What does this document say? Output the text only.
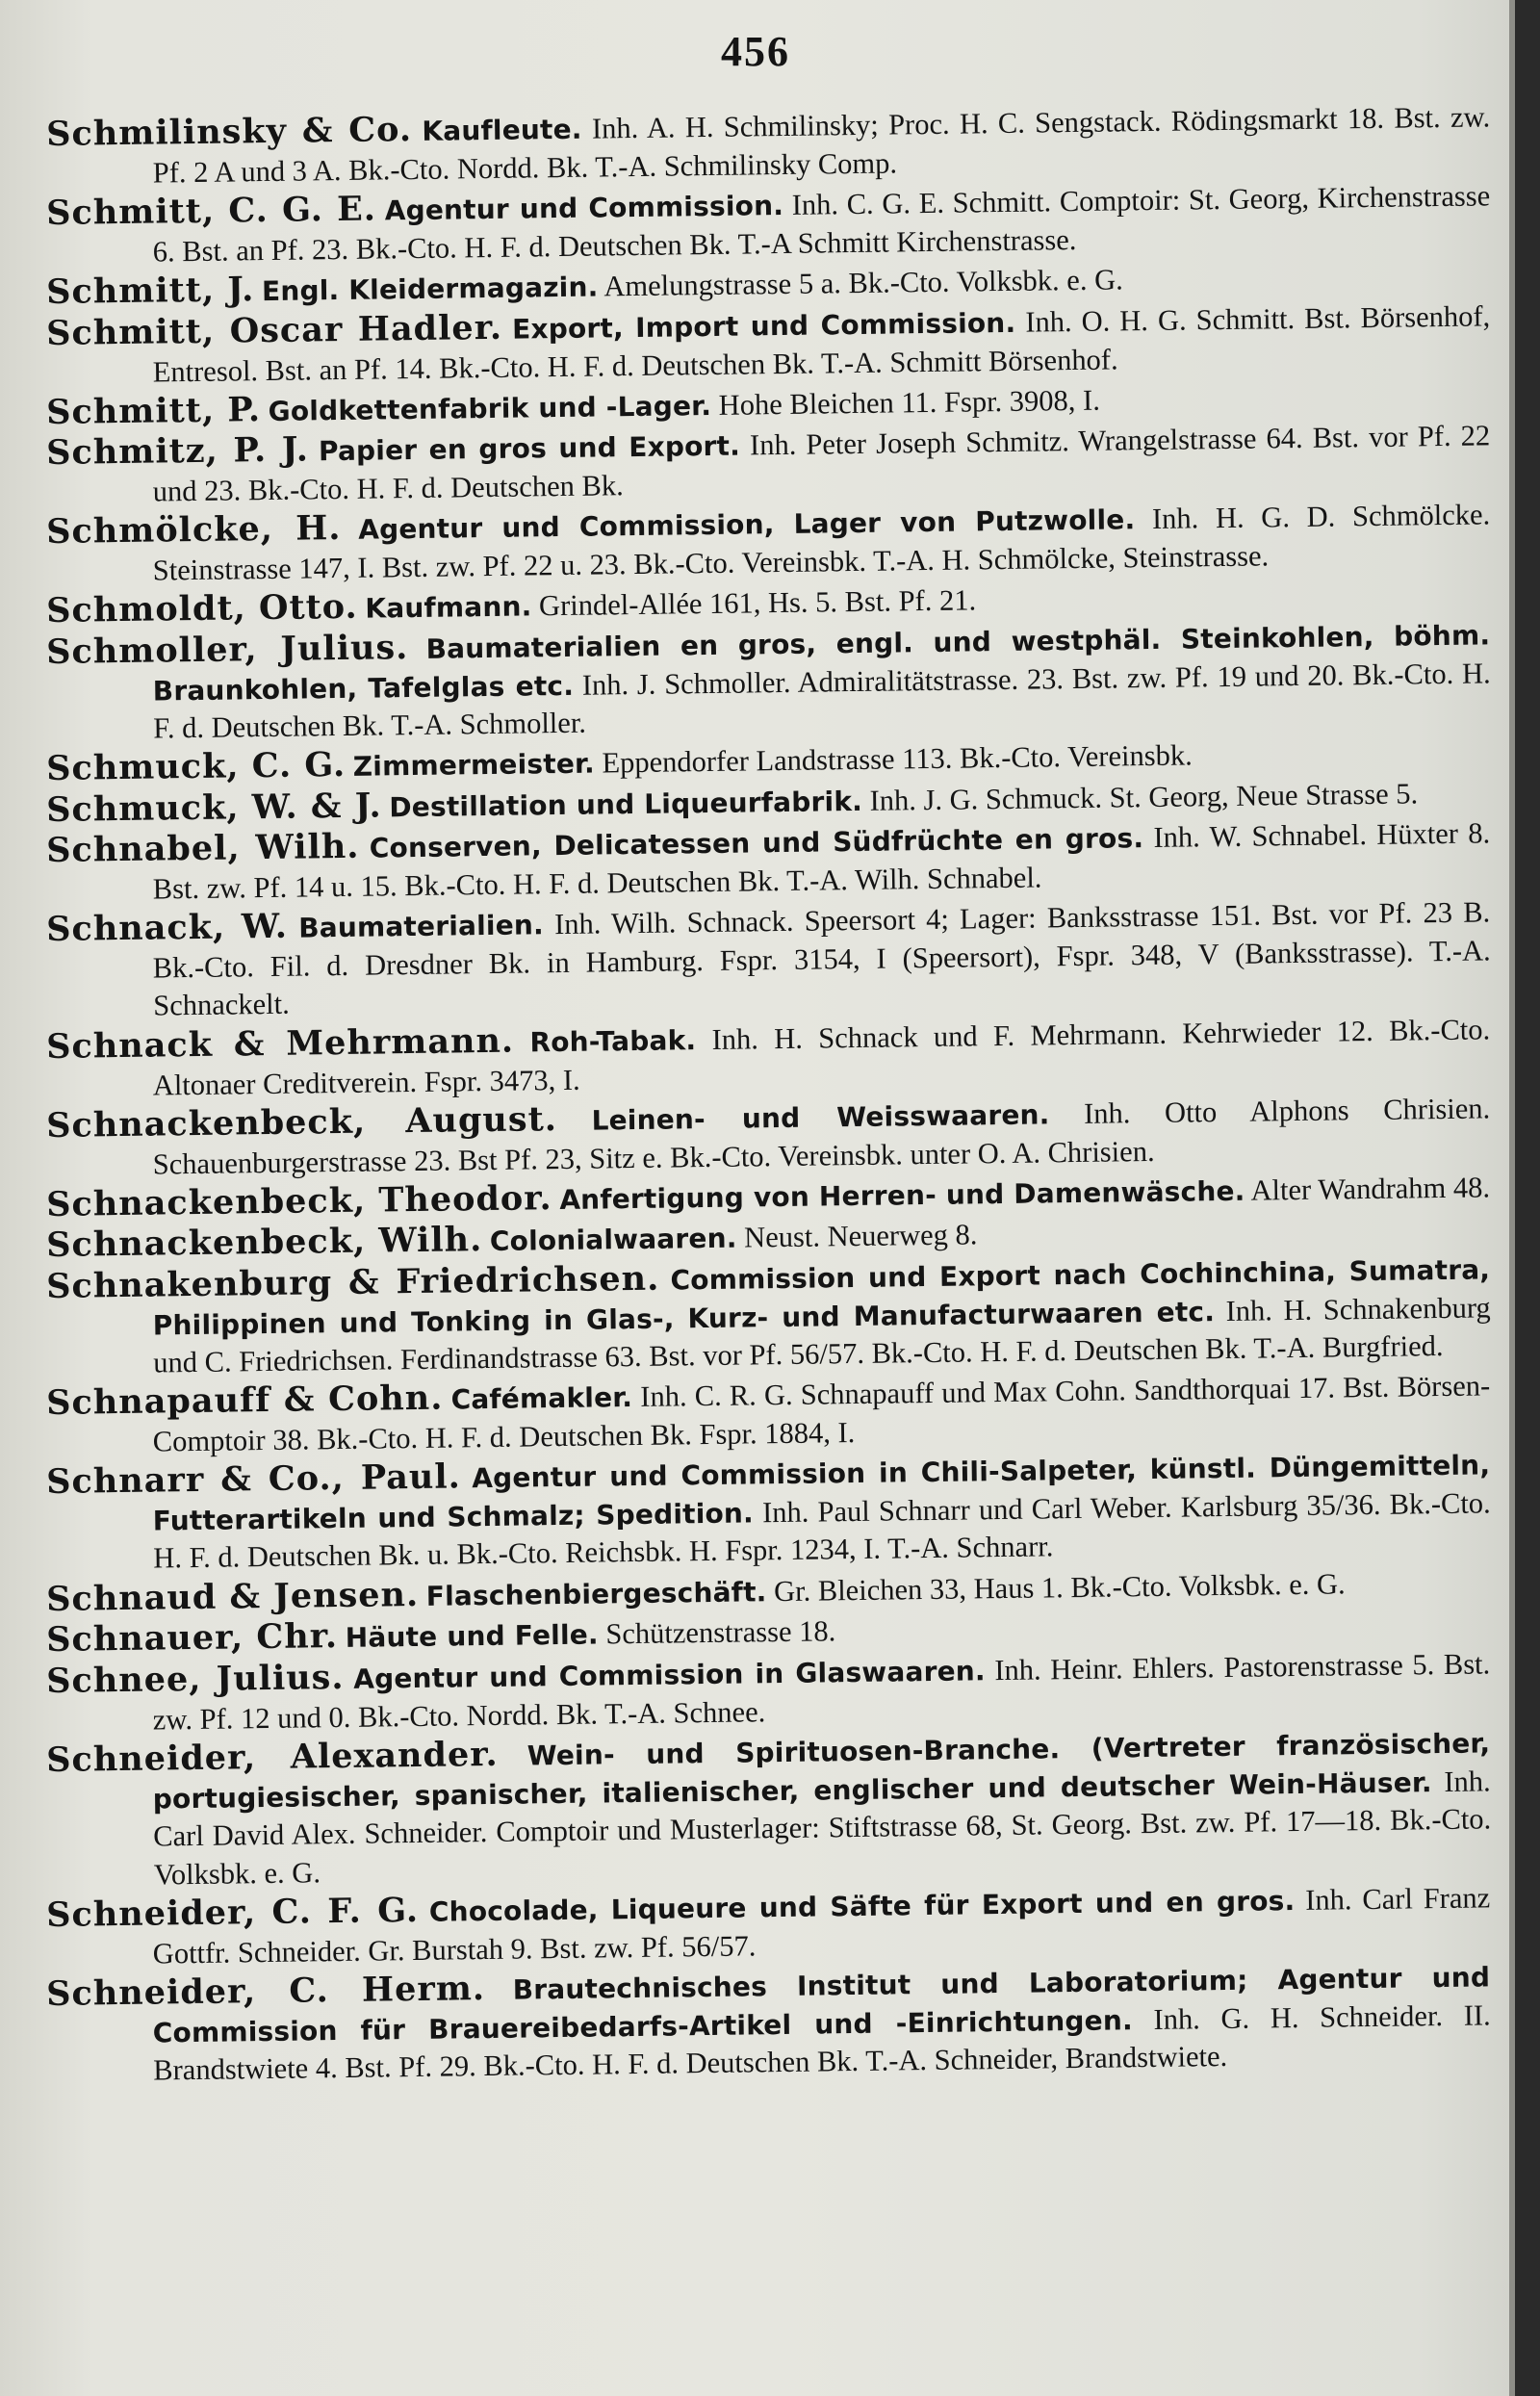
456

Schmilinsky & Co. Kaufleute. Inh. A. H. Schmilinsky; Proc. H. C. Sengstack. Rödingsmarkt 18. Bst. zw. Pf. 2 A und 3 A. Bk.-Cto. Nordd. Bk. T.-A. Schmilinsky Comp.

Schmitt, C. G. E. Agentur und Commission. Inh. C. G. E. Schmitt. Comptoir: St. Georg, Kirchenstrasse 6. Bst. an Pf. 23. Bk.-Cto. H. F. d. Deutschen Bk. T.-A Schmitt Kirchenstrasse.

Schmitt, J. Engl. Kleidermagazin. Amelungstrasse 5 a. Bk.-Cto. Volksbk. e. G.

Schmitt, Oscar Hadler. Export, Import und Commission. Inh. O. H. G. Schmitt. Bst. Börsenhof, Entresol. Bst. an Pf. 14. Bk.-Cto. H. F. d. Deutschen Bk. T.-A. Schmitt Börsenhof.

Schmitt, P. Goldkettenfabrik und -Lager. Hohe Bleichen 11. Fspr. 3908, I.

Schmitz, P. J. Papier en gros und Export. Inh. Peter Joseph Schmitz. Wrangelstrasse 64. Bst. vor Pf. 22 und 23. Bk.-Cto. H. F. d. Deutschen Bk.

Schmölcke, H. Agentur und Commission, Lager von Putzwolle. Inh. H. G. D. Schmölcke. Steinstrasse 147, I. Bst. zw. Pf. 22 u. 23. Bk.-Cto. Vereinsbk. T.-A. H. Schmölcke, Steinstrasse.

Schmoldt, Otto. Kaufmann. Grindel-Allée 161, Hs. 5. Bst. Pf. 21.

Schmoller, Julius. Baumaterialien en gros, engl. und westphäl. Steinkohlen, böhm. Braunkohlen, Tafelglas etc. Inh. J. Schmoller. Admiralitätstrasse. 23. Bst. zw. Pf. 19 und 20. Bk.-Cto. H. F. d. Deutschen Bk. T.-A. Schmoller.

Schmuck, C. G. Zimmermeister. Eppendorfer Landstrasse 113. Bk.-Cto. Vereinsbk.

Schmuck, W. & J. Destillation und Liqueurfabrik. Inh. J. G. Schmuck. St. Georg, Neue Strasse 5.

Schnabel, Wilh. Conserven, Delicatessen und Südfrüchte en gros. Inh. W. Schnabel. Hüxter 8. Bst. zw. Pf. 14 u. 15. Bk.-Cto. H. F. d. Deutschen Bk. T.-A. Wilh. Schnabel.

Schnack, W. Baumaterialien. Inh. Wilh. Schnack. Speersort 4; Lager: Banksstrasse 151. Bst. vor Pf. 23 B. Bk.-Cto. Fil. d. Dresdner Bk. in Hamburg. Fspr. 3154, I (Speersort), Fspr. 348, V (Banksstrasse). T.-A. Schnackelt.

Schnack & Mehrmann. Roh-Tabak. Inh. H. Schnack und F. Mehrmann. Kehrwieder 12. Bk.-Cto. Altonaer Creditverein. Fspr. 3473, I.

Schnackenbeck, August. Leinen- und Weisswaaren. Inh. Otto Alphons Chrisien. Schauenburgerstrasse 23. Bst Pf. 23, Sitz e. Bk.-Cto. Vereinsbk. unter O. A. Chrisien.

Schnackenbeck, Theodor. Anfertigung von Herren- und Damenwäsche. Alter Wandrahm 48.

Schnackenbeck, Wilh. Colonialwaaren. Neust. Neuerweg 8.

Schnakenburg & Friedrichsen. Commission und Export nach Cochinchina, Sumatra, Philippinen und Tonking in Glas-, Kurz- und Manufacturwaaren etc. Inh. H. Schnakenburg und C. Friedrichsen. Ferdinandstrasse 63. Bst. vor Pf. 56/57. Bk.-Cto. H. F. d. Deutschen Bk. T.-A. Burgfried.

Schnapauff & Cohn. Cafémakler. Inh. C. R. G. Schnapauff und Max Cohn. Sandthorquai 17. Bst. Börsen-Comptoir 38. Bk.-Cto. H. F. d. Deutschen Bk. Fspr. 1884, I.

Schnarr & Co., Paul. Agentur und Commission in Chili-Salpeter, künstl. Düngemitteln, Futterartikeln und Schmalz; Spedition. Inh. Paul Schnarr und Carl Weber. Karlsburg 35/36. Bk.-Cto. H. F. d. Deutschen Bk. u. Bk.-Cto. Reichsbk. H. Fspr. 1234, I. T.-A. Schnarr.

Schnaud & Jensen. Flaschenbiergeschäft. Gr. Bleichen 33, Haus 1. Bk.-Cto. Volksbk. e. G.

Schnauer, Chr. Häute und Felle. Schützenstrasse 18.

Schnee, Julius. Agentur und Commission in Glaswaaren. Inh. Heinr. Ehlers. Pastorenstrasse 5. Bst. zw. Pf. 12 und 0. Bk.-Cto. Nordd. Bk. T.-A. Schnee.

Schneider, Alexander. Wein- und Spirituosen-Branche. (Vertreter französischer, portugiesischer, spanischer, italienischer, englischer und deutscher Wein-Häuser. Inh. Carl David Alex. Schneider. Comptoir und Musterlager: Stiftstrasse 68, St. Georg. Bst. zw. Pf. 17—18. Bk.-Cto. Volksbk. e. G.

Schneider, C. F. G. Chocolade, Liqueure und Säfte für Export und en gros. Inh. Carl Franz Gottfr. Schneider. Gr. Burstah 9. Bst. zw. Pf. 56/57.

Schneider, C. Herm. Brautechnisches Institut und Laboratorium; Agentur und Commission für Brauereibedarfs-Artikel und -Einrichtungen. Inh. G. H. Schneider. II. Brandstwiete 4. Bst. Pf. 29. Bk.-Cto. H. F. d. Deutschen Bk. T.-A. Schneider, Brandstwiete.
